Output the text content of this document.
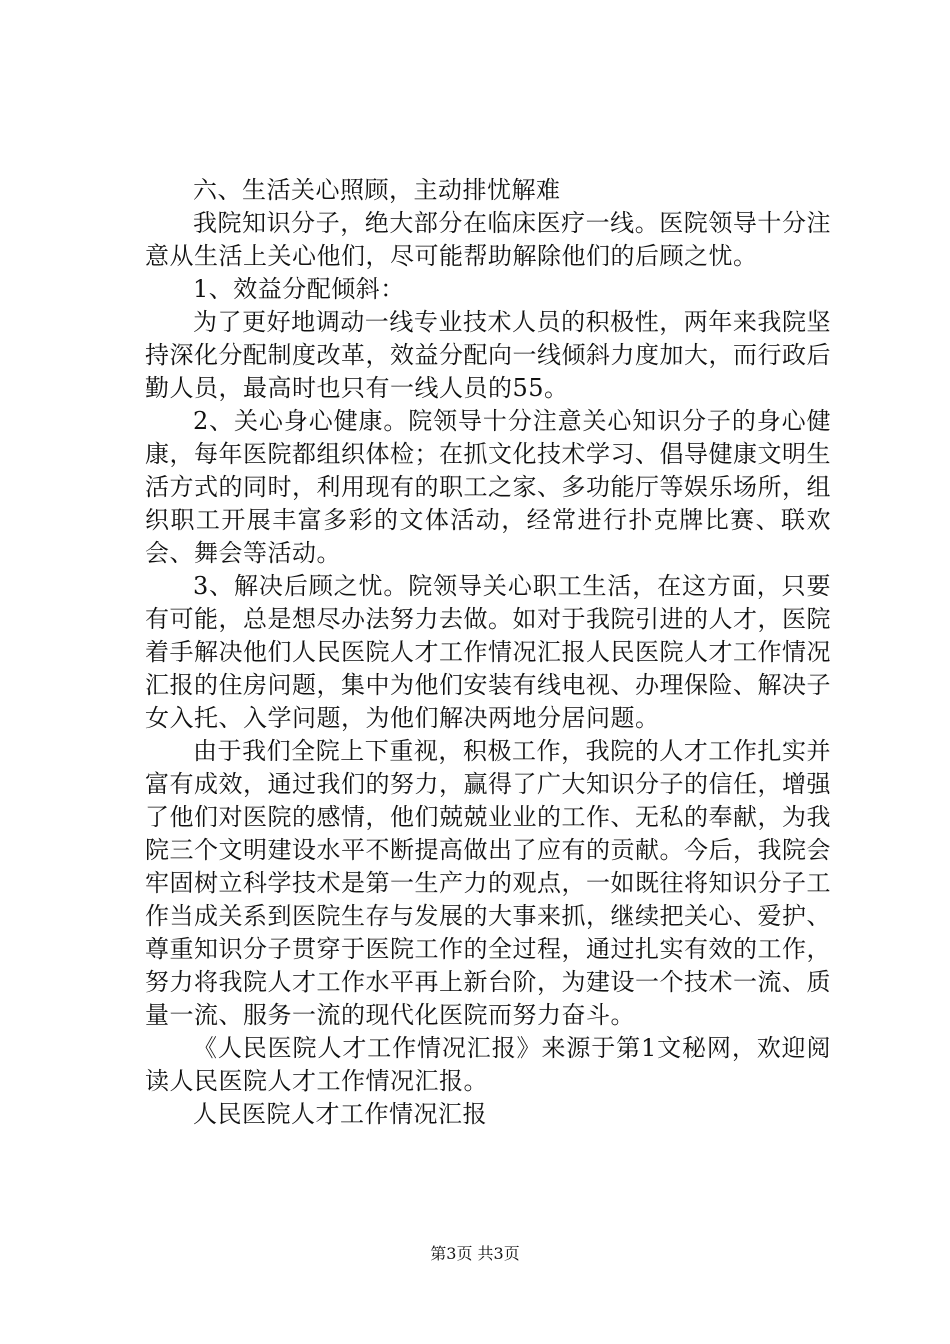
六、生活关心照顾，主动排忧解难

我院知识分子，绝大部分在临床医疗一线。医院领导十分注意从生活上关心他们，尽可能帮助解除他们的后顾之忧。

1、效益分配倾斜：

为了更好地调动一线专业技术人员的积极性，两年来我院坚持深化分配制度改革，效益分配向一线倾斜力度加大，而行政后勤人员，最高时也只有一线人员的55。

2、关心身心健康。院领导十分注意关心知识分子的身心健康，每年医院都组织体检；在抓文化技术学习、倡导健康文明生活方式的同时，利用现有的职工之家、多功能厅等娱乐场所，组织职工开展丰富多彩的文体活动，经常进行扑克牌比赛、联欢会、舞会等活动。

3、解决后顾之忧。院领导关心职工生活，在这方面，只要有可能，总是想尽办法努力去做。如对于我院引进的人才，医院着手解决他们人民医院人才工作情况汇报人民医院人才工作情况汇报的住房问题，集中为他们安装有线电视、办理保险、解决子女入托、入学问题，为他们解决两地分居问题。

由于我们全院上下重视，积极工作，我院的人才工作扎实并富有成效，通过我们的努力，赢得了广大知识分子的信任，增强了他们对医院的感情，他们兢兢业业的工作、无私的奉献，为我院三个文明建设水平不断提高做出了应有的贡献。今后，我院会牢固树立科学技术是第一生产力的观点，一如既往将知识分子工作当成关系到医院生存与发展的大事来抓，继续把关心、爱护、尊重知识分子贯穿于医院工作的全过程，通过扎实有效的工作，努力将我院人才工作水平再上新台阶，为建设一个技术一流、质量一流、服务一流的现代化医院而努力奋斗。

《人民医院人才工作情况汇报》来源于第1文秘网，欢迎阅读人民医院人才工作情况汇报。

人民医院人才工作情况汇报

第3页 共3页
